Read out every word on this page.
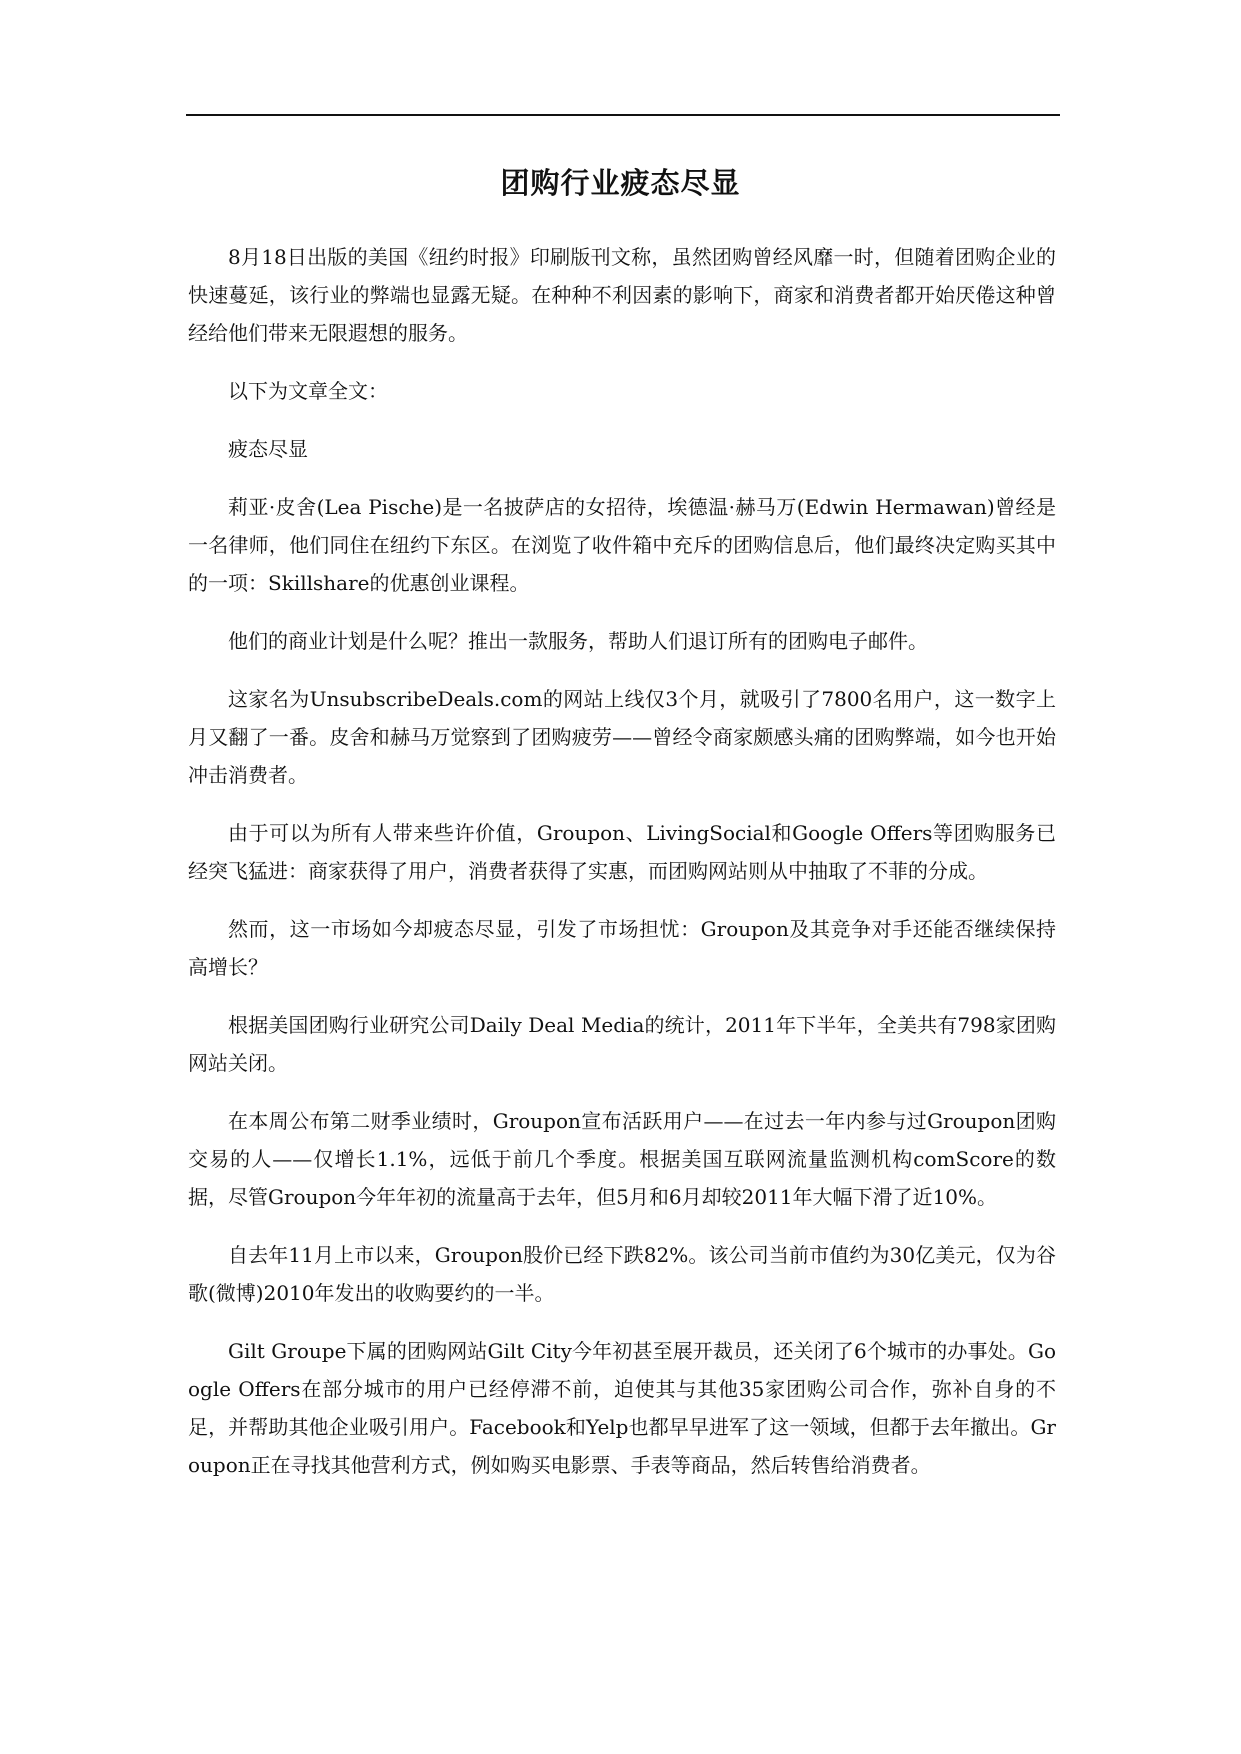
团购行业疲态尽显

8月18日出版的美国《纽约时报》印刷版刊文称，虽然团购曾经风靡一时，但随着团购企业的快速蔓延，该行业的弊端也显露无疑。在种种不利因素的影响下，商家和消费者都开始厌倦这种曾经给他们带来无限遐想的服务。

以下为文章全文：

疲态尽显

莉亚·皮舍(Lea Pische)是一名披萨店的女招待，埃德温·赫马万(Edwin Hermawan)曾经是一名律师，他们同住在纽约下东区。在浏览了收件箱中充斥的团购信息后，他们最终决定购买其中的一项：Skillshare的优惠创业课程。

他们的商业计划是什么呢？推出一款服务，帮助人们退订所有的团购电子邮件。

这家名为UnsubscribeDeals.com的网站上线仅3个月，就吸引了7800名用户，这一数字上月又翻了一番。皮舍和赫马万觉察到了团购疲劳——曾经令商家颇感头痛的团购弊端，如今也开始冲击消费者。

由于可以为所有人带来些许价值，Groupon、LivingSocial和Google Offers等团购服务已经突飞猛进：商家获得了用户，消费者获得了实惠，而团购网站则从中抽取了不菲的分成。

然而，这一市场如今却疲态尽显，引发了市场担忧：Groupon及其竞争对手还能否继续保持高增长？

根据美国团购行业研究公司Daily Deal Media的统计，2011年下半年，全美共有798家团购网站关闭。

在本周公布第二财季业绩时，Groupon宣布活跃用户——在过去一年内参与过Groupon团购交易的人——仅增长1.1%，远低于前几个季度。根据美国互联网流量监测机构comScore的数据，尽管Groupon今年年初的流量高于去年，但5月和6月却较2011年大幅下滑了近10%。

自去年11月上市以来，Groupon股价已经下跌82%。该公司当前市值约为30亿美元，仅为谷歌(微博)2010年发出的收购要约的一半。

Gilt Groupe下属的团购网站Gilt City今年初甚至展开裁员，还关闭了6个城市的办事处。Google Offers在部分城市的用户已经停滞不前，迫使其与其他35家团购公司合作，弥补自身的不足，并帮助其他企业吸引用户。Facebook和Yelp也都早早进军了这一领域，但都于去年撤出。Groupon正在寻找其他营利方式，例如购买电影票、手表等商品，然后转售给消费者。
